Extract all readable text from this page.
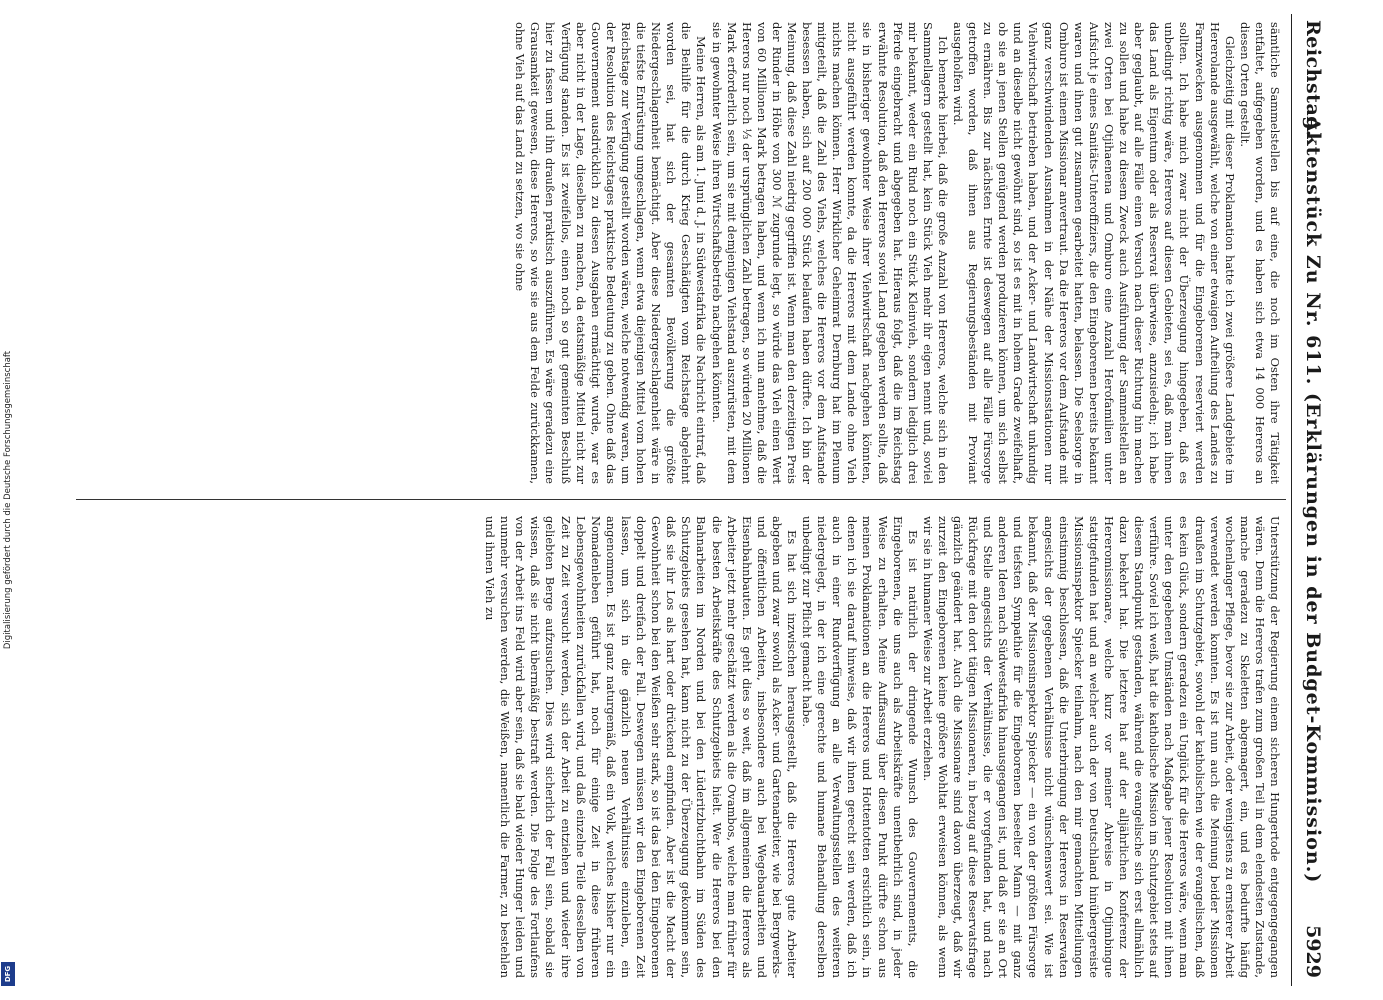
Digitalisierung gefördert durch die Deutsche Forschungsgemeinschaft
DFG
Reichstag.
Aktenstück Zu Nr. 611. (Erklärungen in der Budget-Kommission.)
5929

sämtliche Sammelstellen bis auf eine, die noch im Osten ihre Tätigkeit entfaltet, aufgegeben worden, und es haben sich etwa 14 000 Hereros an diesen Orten gestellt.

Gleichzeitig mit dieser Proklamation hatte ich zwei größere Landgebiete im Hererolande ausgewählt, welche von einer etwaigen Aufteilung des Landes zu Farmzwecken ausgenommen und für die Eingeborenen reserviert werden sollten. Ich habe mich zwar nicht der Überzeugung hingegeben, daß es unbedingt richtig wäre, Hereros auf diesen Gebieten, sei es, daß man ihnen das Land als Eigentum oder als Reservat überwiese, anzusiedeln; ich habe aber geglaubt, auf alle Fälle einen Versuch nach dieser Richtung hin machen zu sollen und habe zu diesem Zweck auch Ausführung der Sammelstellen an zwei Orten bei Otjihaenena und Omburo eine Anzahl Herofamilien unter Aufsicht je eines Sanitäts-Unteroffiziers, die den Eingeborenen bereits bekannt waren und ihnen gut zusammen gearbeitet hatten, belassen. Die Seelsorge in Omburo ist einem Missionar anvertraut. Da die Hereros vor dem Aufstande mit ganz verschwindenden Ausnahmen in der Nähe der Missionsstationen nur Viehwirtschaft betrieben haben, und der Acker- und Landwirtschaft unkundig und an dieselbe nicht gewöhnt sind, so ist es mit in hohem Grade zweifelhaft, ob sie an jenen Stellen genügend werden produzieren können, um sich selbst zu ernähren. Bis zur nächsten Ernte ist deswegen auf alle Fälle Fürsorge getroffen worden, daß ihnen aus Regierungsbeständen mit Proviant ausgeholfen wird.

Ich bemerke hierbei, daß die große Anzahl von Hereros, welche sich in den Sammellagern gestellt hat, kein Stück Vieh mehr ihr eigen nennt und, soviel mir bekannt, weder ein Rind noch ein Stück Kleinvieh, sondern lediglich drei Pferde eingebracht und abgegeben hat. Hieraus folgt, daß die im Reichstag erwähnte Resolution, daß den Hereros soviel Land gegeben werden sollte, daß sie in bisheriger gewohnter Weise ihrer Viehwirtschaft nachgehen könnten, nicht ausgeführt werden konnte, da die Hereros mit dem Lande ohne Vieh nichts machen können. Herr Wirklicher Geheimrat Dernburg hat im Plenum mitgeteilt, daß die Zahl des Viehs, welches die Hereros vor dem Aufstande besessen haben, sich auf 200 000 Stück belaufen haben dürfte. Ich bin der Meinung, daß diese Zahl niedrig gegriffen ist. Wenn man den derzeitigen Preis der Rinder in Höhe von 300 ℳ zugrunde legt, so würde das Vieh einen Wert von 60 Millionen Mark betragen haben, und wenn ich nun annehme, daß die Hereros nur noch ⅓ der ursprünglichen Zahl betragen, so würden 20 Millionen Mark erforderlich sein, um sie mit demjenigen Viehstand auszurüsten, mit dem sie in gewohnter Weise ihren Wirtschaftsbetrieb nachgehen könnten.

Meine Herren, als am 1. Juni d. J. in Südwestafrika die Nachricht eintraf, daß die Beihilfe für die durch Krieg Geschädigten vom Reichstage abgelehnt worden sei, hat sich der gesamten Bevölkerung die größte Niedergeschlagenheit bemächtigt. Aber diese Niedergeschlagenheit wäre in die tiefste Entrüstung umgeschlagen, wenn etwa diejenigen Mittel vom hohen Reichstage zur Verfügung gestellt worden wären, welche notwendig waren, um der Resolution des Reichstages praktische Bedeutung zu geben. Ohne daß das Gouvernement ausdrücklich zu diesen Ausgaben ermächtigt wurde, war es aber nicht in der Lage, dieselben zu machen, da etatsmäßige Mittel nicht zur Verfügung standen. Es ist zweifellos, einen noch so gut gemeinten Beschluß hier zu fassen und ihn draußen praktisch auszuführen. Es wäre geradezu eine Grausamkeit gewesen, diese Hereros, so wie sie aus dem Felde zurückkamen, ohne Vieh auf das Land zu setzen, wo sie ohne

Unterstützung der Regierung einem sicheren Hungertode entgegengegangen wären. Denn die Hereros trafen zum großen Teil in dem elendesten Zustande, manche geradezu zu Skeletten abgemagert, ein, und es bedurfte häufig wochenlanger Pflege, bevor sie zur Arbeit, oder wenigstens zu ernsterer Arbeit verwendet werden konnten. Es ist nun auch die Meinung beider Missionen draußen im Schutzgebiet, sowohl der katholischen wie der evangelischen, daß es kein Glück, sondern geradezu ein Unglück für die Hereros wäre, wenn man unter den gegebenen Umständen nach Maßgabe jener Resolution mit ihnen verführe. Soviel ich weiß, hat die katholische Mission im Schutzgebiet stets auf diesem Standpunkt gestanden, während die evangelische sich erst allmählich dazu bekehrt hat. Die letztere hat auf der alljährlichen Konferenz der Hereromissionare, welche kurz vor meiner Abreise in Otjimbingue stattgefunden hat und an welcher auch der von Deutschland hinübergereiste Missionsinspektor Spiecker teilnahm, nach den mir gemachten Mitteilungen einstimmig beschlossen, daß die Unterbringung der Hereros in Reservaten angesichts der gegebenen Verhältnisse nicht wünschenswert sei. Wie ist bekannt, daß der Missionsinspektor Spiecker — ein von der größten Fürsorge und tiefsten Sympathie für die Eingeborenen beseelter Mann — mit ganz anderen Ideen nach Südwestafrika hinausgegangen ist, und daß er sie an Ort und Stelle angesichts der Verhältnisse, die er vorgefunden hat, und nach Rückfrage mit den dort tätigen Missionaren, in bezug auf diese Reservatsfrage gänzlich geändert hat. Auch die Missionare sind davon überzeugt, daß wir zurzeit den Eingeborenen keine größere Wohltat erweisen können, als wenn wir sie in humaner Weise zur Arbeit erziehen.

Es ist natürlich der dringende Wunsch des Gouvernements, die Eingeborenen, die uns auch als Arbeitskräfte unentbehrlich sind, in jeder Weise zu erhalten. Meine Auffassung über diesen Punkt dürfte schon aus meinen Proklamationen an die Hereros und Hottentotten ersichtlich sein, in denen ich sie darauf hinweise, daß wir ihnen gerecht sein werden, daß ich auch in einer Rundverfügung an alle Verwaltungsstellen des weiteren niedergelegt, in der ich eine gerechte und humane Behandlung derselben unbedingt zur Pflicht gemacht habe.

Es hat sich inzwischen herausgestellt, daß die Hereros gute Arbeiter abgeben und zwar sowohl als Acker- und Gartenarbeiter, wie bei Bergwerks- und öffentlichen Arbeiten, insbesondere auch bei Wegebauarbeiten und Eisenbahnbauten. Es geht dies so weit, daß im allgemeinen die Hereros als Arbeiter jetzt mehr geschätzt werden als die Ovambos, welche man früher für die besten Arbeitskräfte des Schutzgebiets hielt. Wer die Hereros bei den Bahnarbeiten im Norden und bei den Lüderitzbuchtbahn im Süden des Schutzgebiets gesehen hat, kann nicht zu der Überzeugung gekommen sein, daß sie ihr Los als hart oder drückend empfinden. Aber ist die Macht der Gewohnheit schon bei den Weißen sehr stark, so ist das bei den Eingeborenen doppelt und dreifach der Fall. Deswegen müssen wir den Eingeborenen Zeit lassen, um sich in die gänzlich neuen Verhältnisse einzuleben, ein angenommen. Es ist ganz naturgemäß, daß ein Volk, welches bisher nur ein Nomadenleben geführt hat, noch für einige Zeit in diese früheren Lebensgewohnheiten zurückfallen wird, und daß einzelne Teile desselben von Zeit zu Zeit versucht werden, sich der Arbeit zu entziehen und wieder ihre geliebten Berge aufzusuchen. Dies wird sicherlich der Fall sein, sobald sie wissen, daß sie nicht übermäßig bestraft werden. Die Folge des Fortlaufens von der Arbeit ins Feld wird aber sein, daß sie bald wieder Hunger leiden und nunmehr versuchen werden, die Weißen, namentlich die Farmer, zu bestehlen und ihnen Vieh zu
